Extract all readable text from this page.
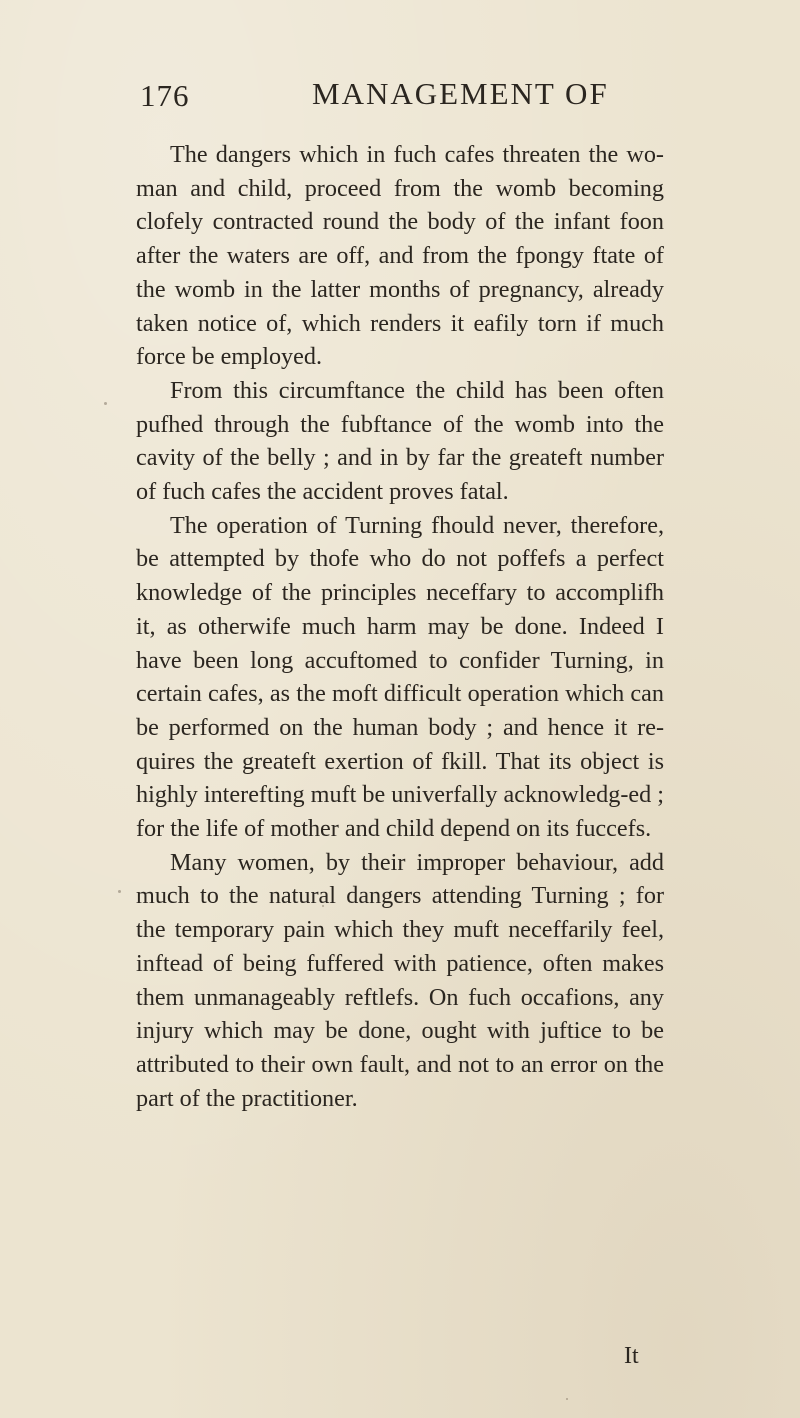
176	MANAGEMENT OF

The dangers which in fuch cafes threaten the wo-man and child, proceed from the womb becoming clofely contracted round the body of the infant foon after the waters are off, and from the fpongy ftate of the womb in the latter months of pregnancy, already taken notice of, which renders it eafily torn if much force be employed.

From this circumftance the child has been often pufhed through the fubftance of the womb into the cavity of the belly ; and in by far the greateft number of fuch cafes the accident proves fatal.

The operation of Turning fhould never, therefore, be attempted by thofe who do not poffefs a perfect knowledge of the principles neceffary to accomplifh it, as otherwife much harm may be done. Indeed I have been long accuftomed to confider Turning, in certain cafes, as the moft difficult operation which can be performed on the human body ; and hence it re-quires the greateft exertion of fkill. That its object is highly interefting muft be univerfally acknowledg-ed ; for the life of mother and child depend on its fuccefs.

Many women, by their improper behaviour, add much to the natural dangers attending Turning ; for the temporary pain which they muft neceffarily feel, inftead of being fuffered with patience, often makes them unmanageably reftlefs. On fuch occafions, any injury which may be done, ought with juftice to be attributed to their own fault, and not to an error on the part of the practitioner.

It
